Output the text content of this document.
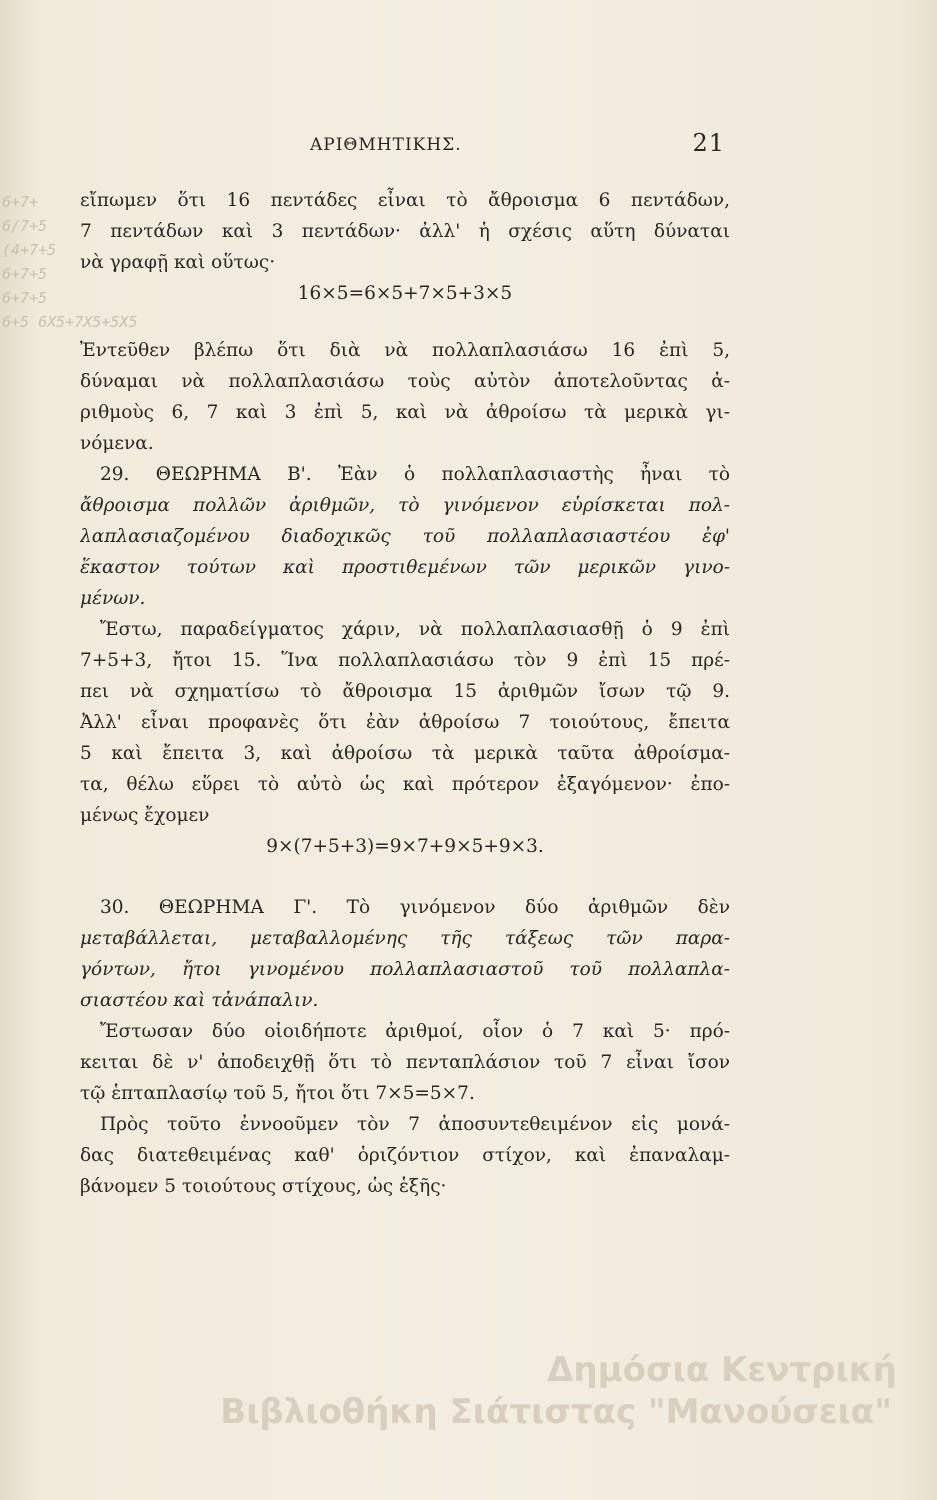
6+7+
6/7+5
(4+7+5
6+7+5
6+7+5
6+5 6X5+7X5+5X5
ΑΡΙΘΜΗΤΙΚΗΣ.	21
εἴπωμεν ὅτι 16 πεντάδες εἶναι τὸ ἄθροισμα 6 πεντάδων,
7 πεντάδων καὶ 3 πεντάδων· ἀλλ' ἡ σχέσις αὕτη δύναται
νὰ γραφῇ καὶ οὕτως·
16×5=6×5+7×5+3×5
Ἐντεῦθεν βλέπω ὅτι διὰ νὰ πολλαπλασιάσω 16 ἐπὶ 5,
δύναμαι νὰ πολλαπλασιάσω τοὺς αὐτὸν ἀποτελοῦντας ἀ-
ριθμοὺς 6, 7 καὶ 3 ἐπὶ 5, καὶ νὰ ἀθροίσω τὰ μερικὰ γι-
νόμενα.
29. ΘΕΩΡΗΜΑ Β'. Ἐὰν ὁ πολλαπλασιαστὴς ἦναι τὸ
ἄθροισμα πολλῶν ἀριθμῶν, τὸ γινόμενον εὑρίσκεται πολ-
λαπλασιαζομένου διαδοχικῶς τοῦ πολλαπλασιαστέου ἐφ'
ἕκαστον τούτων καὶ προστιθεμένων τῶν μερικῶν γινο-
μένων.
Ἔστω, παραδείγματος χάριν, νὰ πολλαπλασιασθῇ ὁ 9 ἐπὶ
7+5+3, ἤτοι 15. Ἵνα πολλαπλασιάσω τὸν 9 ἐπὶ 15 πρέ-
πει νὰ σχηματίσω τὸ ἄθροισμα 15 ἀριθμῶν ἴσων τῷ 9.
Ἀλλ' εἶναι προφανὲς ὅτι ἐὰν ἀθροίσω 7 τοιούτους, ἔπειτα
5 καὶ ἔπειτα 3, καὶ ἀθροίσω τὰ μερικὰ ταῦτα ἀθροίσμα-
τα, θέλω εὕρει τὸ αὐτὸ ὡς καὶ πρότερον ἐξαγόμενον· ἐπο-
μένως ἔχομεν
9×(7+5+3)=9×7+9×5+9×3.
30. ΘΕΩΡΗΜΑ Γ'. Τὸ γινόμενον δύο ἀριθμῶν δὲν
μεταβάλλεται, μεταβαλλομένης τῆς τάξεως τῶν παρα-
γόντων, ἤτοι γινομένου πολλαπλασιαστοῦ τοῦ πολλαπλα-
σιαστέου καὶ τἀνάπαλιν.
Ἔστωσαν δύο οἱοιδήποτε ἀριθμοί, οἷον ὁ 7 καὶ 5· πρό-
κειται δὲ ν' ἀποδειχθῇ ὅτι τὸ πενταπλάσιον τοῦ 7 εἶναι ἴσον
τῷ ἑπταπλασίῳ τοῦ 5, ἤτοι ὅτι 7×5=5×7.
Πρὸς τοῦτο ἐννοοῦμεν τὸν 7 ἀποσυντεθειμένον εἰς μονά-
δας διατεθειμένας καθ' ὁριζόντιον στίχον, καὶ ἐπαναλαμ-
βάνομεν 5 τοιούτους στίχους, ὡς ἑξῆς·
Δημόσια Κεντρική
Βιβλιοθήκη Σιάτιστας "Μανούσεια"
